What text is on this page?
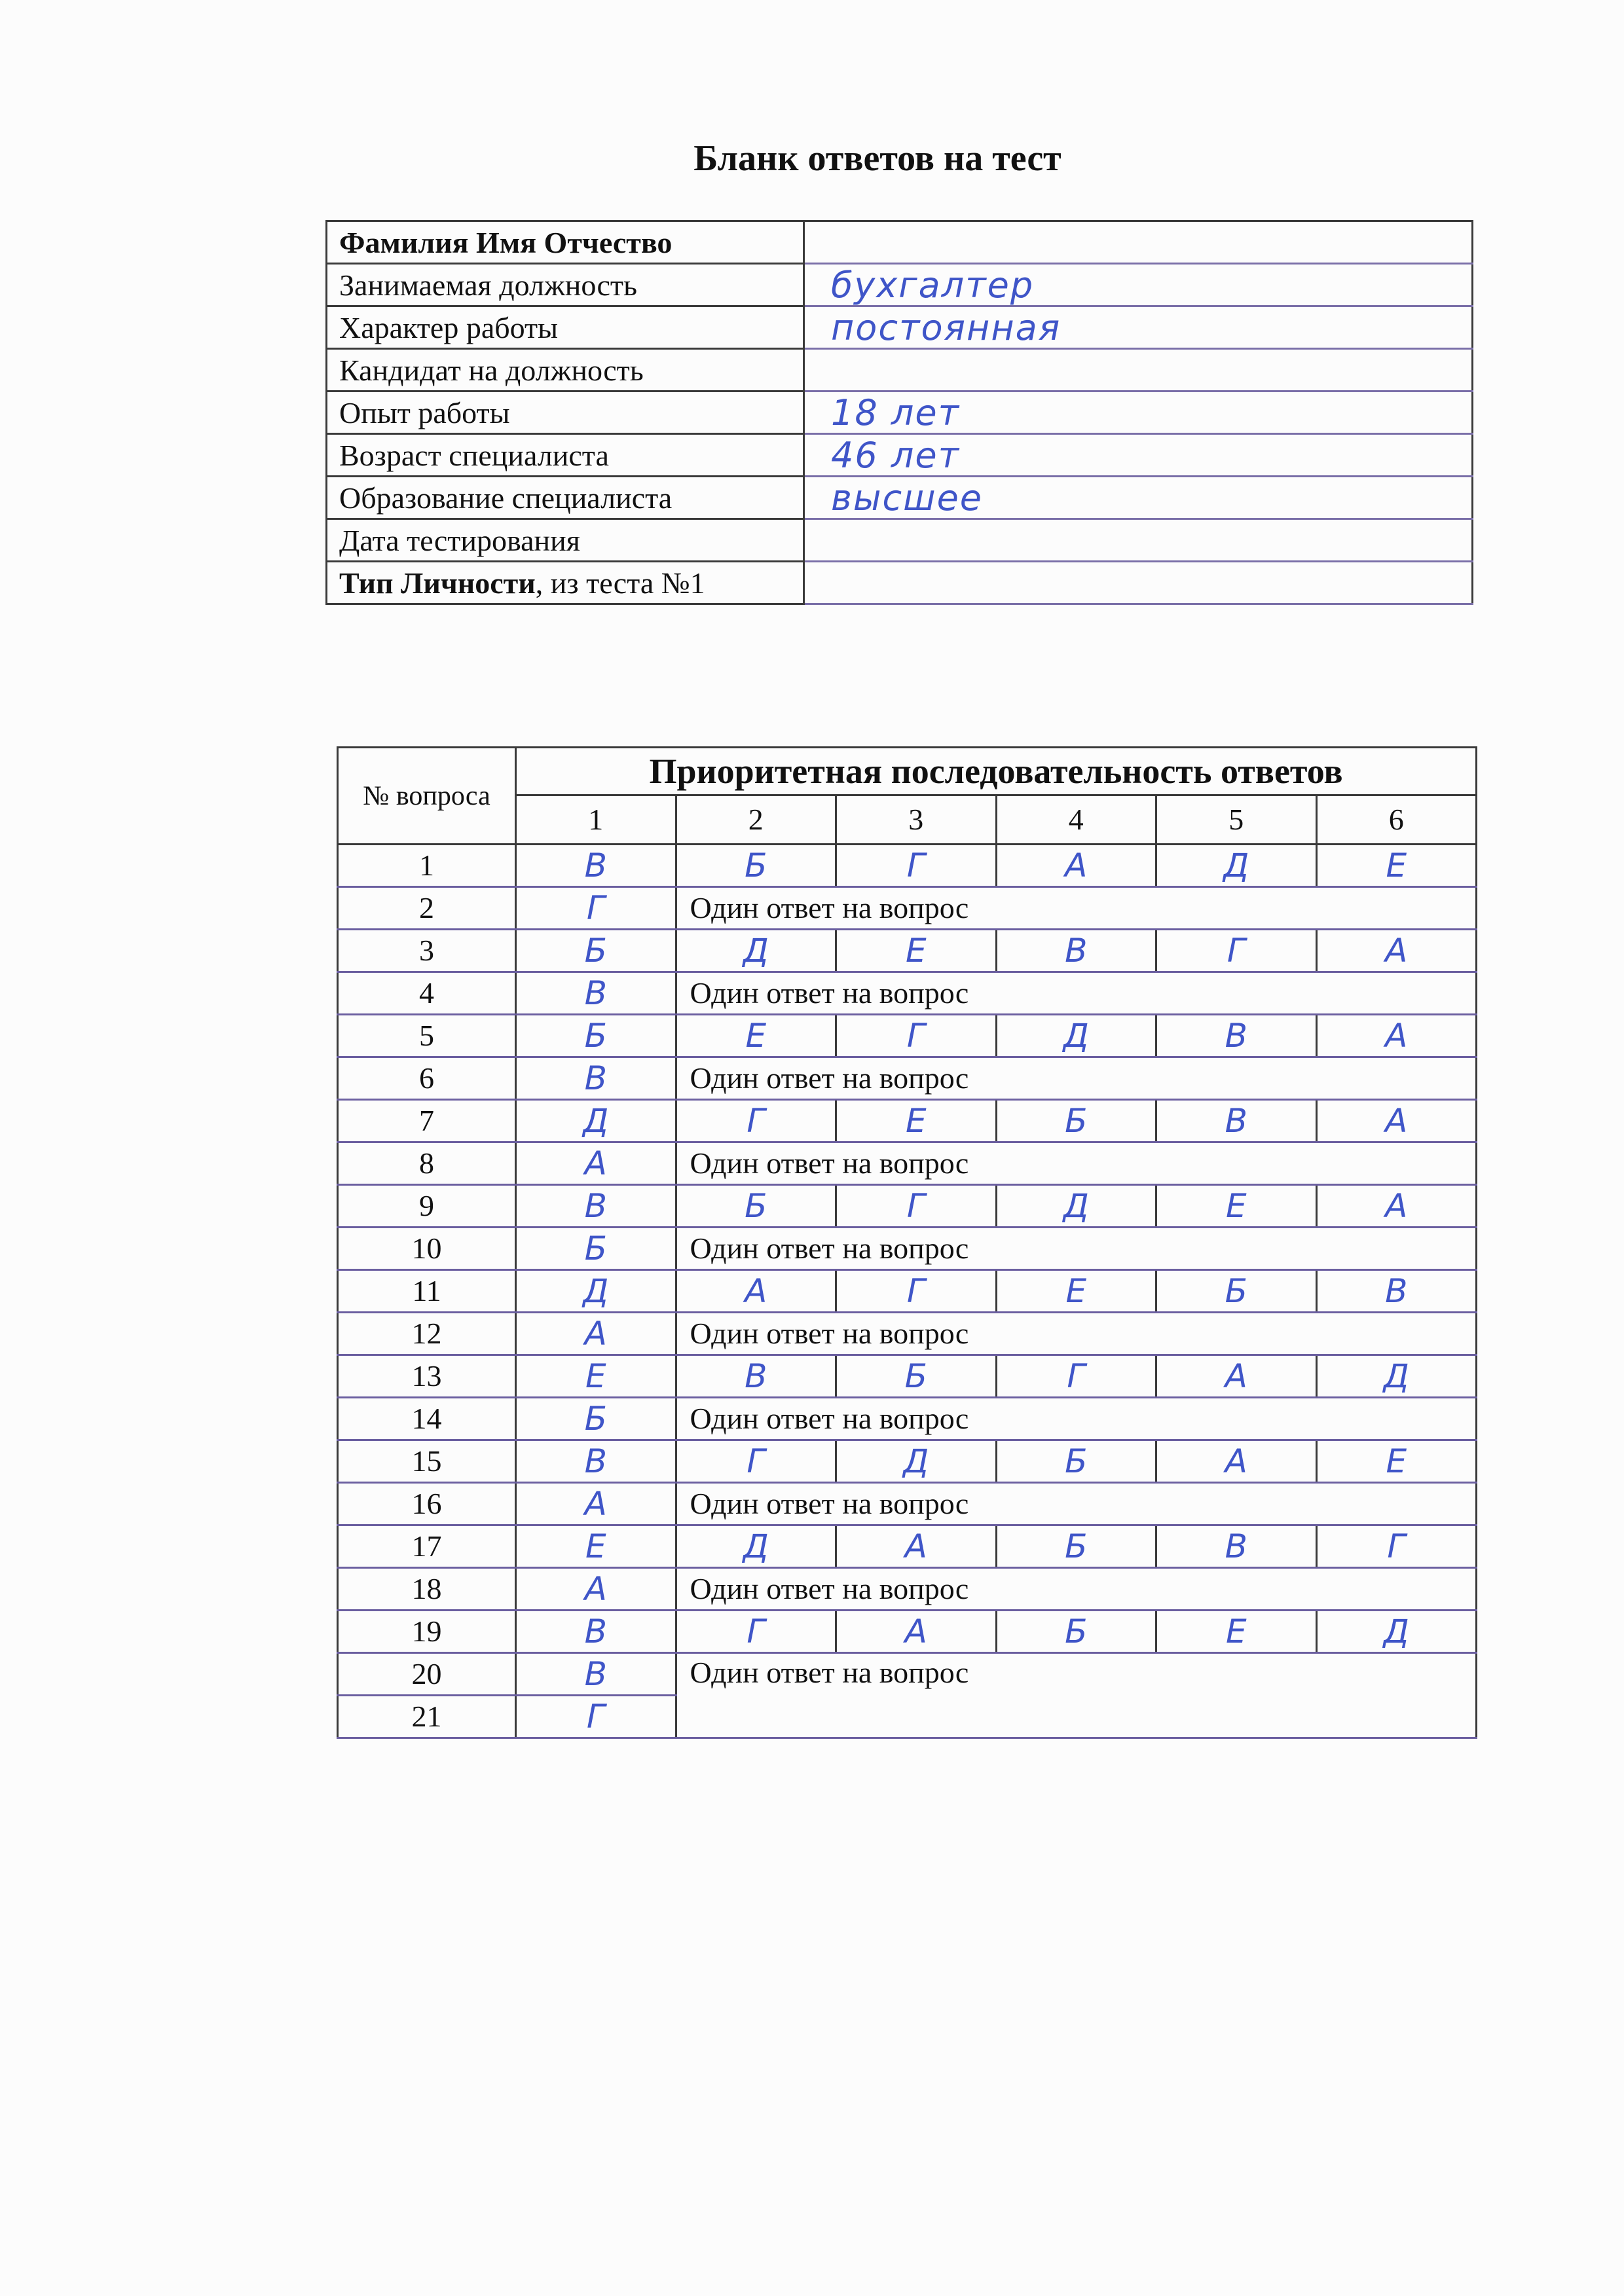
Бланк ответов на тест
Фамилия Имя Отчество	
Занимаемая должность	бухгалтер
Характер работы	постоянная
Кандидат на должность	
Опыт работы	18 лет
Возраст специалиста	46 лет
Образование специалиста	высшее
Дата тестирования	
Тип Личности, из теста №1	
№ вопроса	Приоритетная последовательность ответов					
	1	2	3	4	5	6
1	В	Б	Г	А	Д	Е
2	Г	Один ответ на вопрос				
3	Б	Д	Е	В	Г	А
4	В	Один ответ на вопрос				
5	Б	Е	Г	Д	В	А
6	В	Один ответ на вопрос				
7	Д	Г	Е	Б	В	А
8	А	Один ответ на вопрос				
9	В	Б	Г	Д	Е	А
10	Б	Один ответ на вопрос				
11	Д	А	Г	Е	Б	В
12	А	Один ответ на вопрос				
13	Е	В	Б	Г	А	Д
14	Б	Один ответ на вопрос				
15	В	Г	Д	Б	А	Е
16	А	Один ответ на вопрос				
17	Е	Д	А	Б	В	Г
18	А	Один ответ на вопрос				
19	В	Г	А	Б	Е	Д
20	В	Один ответ на вопрос				

21	Г					
